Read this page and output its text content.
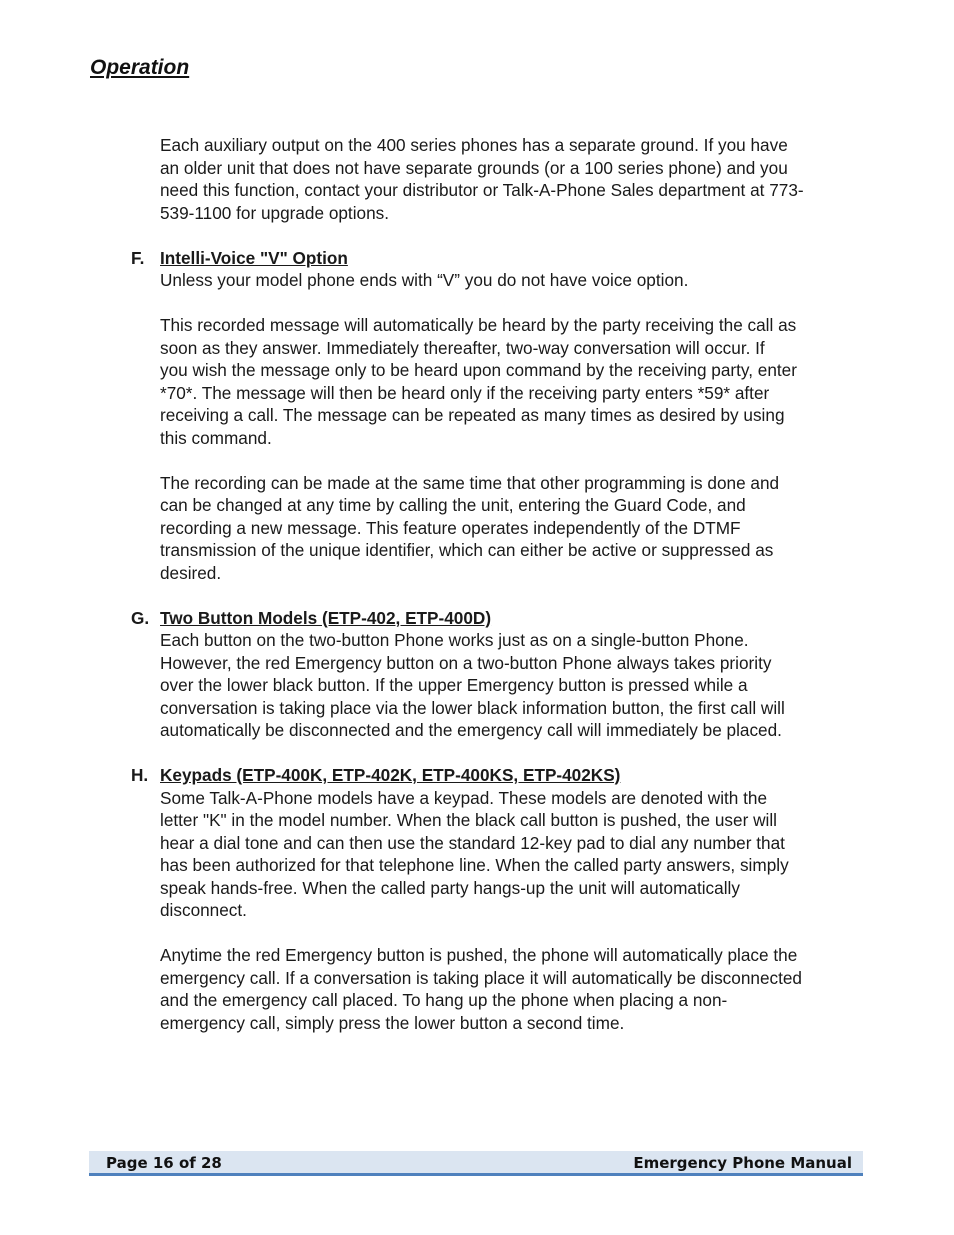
Operation

Each auxiliary output on the 400 series phones has a separate ground. If you have
an older unit that does not have separate grounds (or a 100 series phone) and you
need this function, contact your distributor or Talk-A-Phone Sales department at 773-
539-1100 for upgrade options.

F. Intelli-Voice "V" Option

Unless your model phone ends with “V” you do not have voice option.

This recorded message will automatically be heard by the party receiving the call as
soon as they answer. Immediately thereafter, two-way conversation will occur. If
you wish the message only to be heard upon command by the receiving party, enter
*70*. The message will then be heard only if the receiving party enters *59* after
receiving a call. The message can be repeated as many times as desired by using
this command.

The recording can be made at the same time that other programming is done and
can be changed at any time by calling the unit, entering the Guard Code, and
recording a new message. This feature operates independently of the DTMF
transmission of the unique identifier, which can either be active or suppressed as
desired.

G. Two Button Models (ETP-402, ETP-400D)

Each button on the two-button Phone works just as on a single-button Phone.
However, the red Emergency button on a two-button Phone always takes priority
over the lower black button. If the upper Emergency button is pressed while a
conversation is taking place via the lower black information button, the first call will
automatically be disconnected and the emergency call will immediately be placed.

H. Keypads (ETP-400K, ETP-402K, ETP-400KS, ETP-402KS)

Some Talk-A-Phone models have a keypad. These models are denoted with the
letter "K" in the model number. When the black call button is pushed, the user will
hear a dial tone and can then use the standard 12-key pad to dial any number that
has been authorized for that telephone line. When the called party answers, simply
speak hands-free. When the called party hangs-up the unit will automatically
disconnect.

Anytime the red Emergency button is pushed, the phone will automatically place the
emergency call. If a conversation is taking place it will automatically be disconnected
and the emergency call placed. To hang up the phone when placing a non-
emergency call, simply press the lower button a second time.

Page 16 of 28	Emergency Phone Manual
